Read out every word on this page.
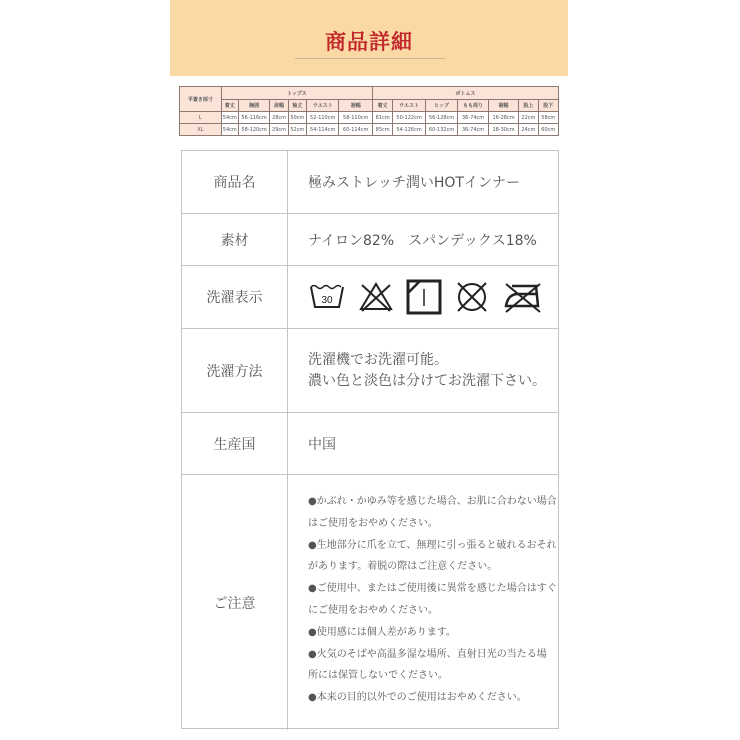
商品詳細
平置き採寸	トップス						ボトムス						
	着丈	胸囲	肩幅	袖丈	ウエスト	裾幅	着丈	ウエスト	ヒップ	もも周り	裾幅	股上	股下
L	54cm	56-116cm	28cm	50cm	52-110cm	58-110cm	81cm	50-122cm	56-128cm	36-74cm	16-28cm	22cm	58cm
XL	54cm	58-120cm	29cm	52cm	54-114cm	60-114cm	85cm	54-126cm	60-132cm	36-74cm	18-30cm	24cm	60cm
商品名	極みストレッチ潤いHOTインナー
素材	ナイロン82%　スパンデックス18%
洗濯表示	30
洗濯方法
洗濯機でお洗濯可能。
濃い色と淡色は分けてお洗濯下さい。
生産国	中国
ご注意
●かぶれ・かゆみ等を感じた場合、お肌に合わない場合
はご使用をおやめください。
●生地部分に爪を立て、無理に引っ張ると破れるおそれ
があります。着脱の際はご注意ください。
●ご使用中、またはご使用後に異常を感じた場合はすぐ
にご使用をおやめください。
●使用感には個人差があります。
●火気のそばや高温多湿な場所、直射日光の当たる場
所には保管しないでください。
●本来の目的以外でのご使用はおやめください。
